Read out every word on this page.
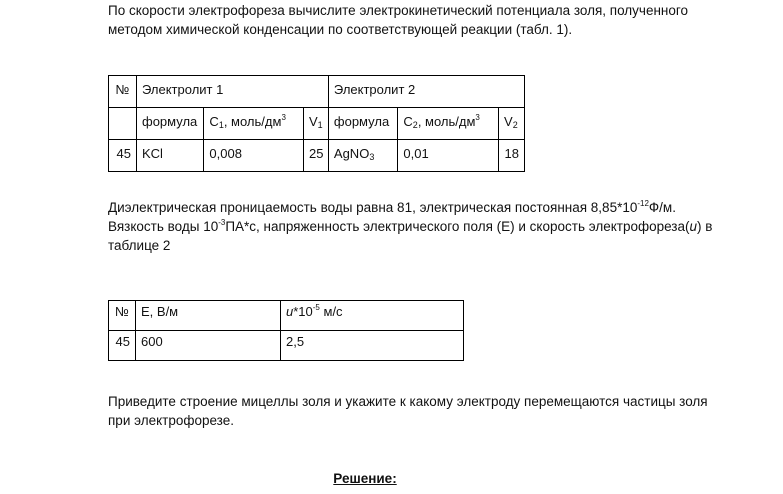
По скорости электрофореза вычислите электрокинетический потенциала золя, полученного
методом химической конденсации по соответствующей реакции (табл. 1).
№	Электролит 1			Электролит 2		
	формула	$C_1$, моль/$дм^3$	$V_1$	формула	$C_2$, моль/$дм^3$	$V_2$
45	KCl	0,008	25	AgNO$_3$	0,01	18
Диэлектрическая проницаемость воды равна 81, электрическая постоянная $8,85*10^{-12}Ф/м$.
Вязкость воды $10^{-3}ПА*с$, напряженность электрического поля (Е) и скорость электрофореза(u) в
таблице 2
№	Е, В/м	$u*10^{-5}$ м/с
45	600	2,5
Приведите строение мицеллы золя и укажите к какому электроду перемещаются частицы золя
при электрофорезе.
Решение:
